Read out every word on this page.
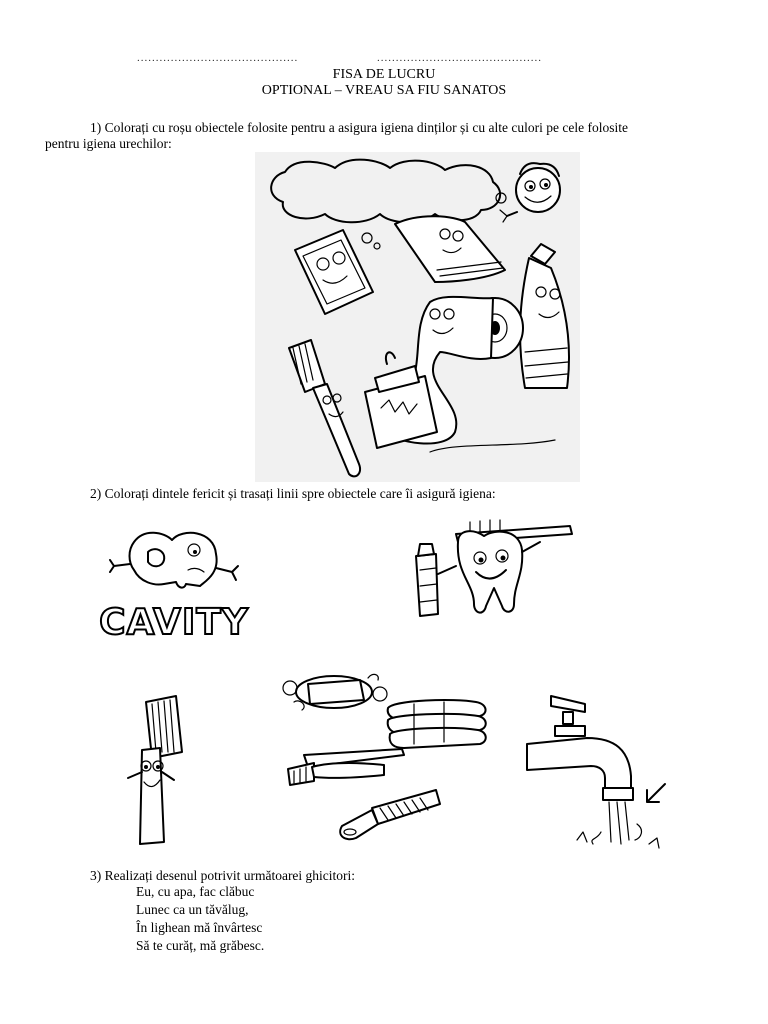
...........................................	............................................
FISA DE LUCRU
OPTIONAL – VREAU SA FIU SANATOS
1) Colorați cu roșu obiectele folosite pentru a asigura igiena dinților și cu alte culori pe cele folosite
pentru igiena urechilor:
2) Colorați dintele fericit și trasați linii spre obiectele care îi asigură igiena:
CAVITY
3) Realizați desenul potrivit următoarei ghicitori:
Eu, cu apa, fac clăbuc
Lunec ca un tăvălug,
În lighean mă învârtesc
Să te curăț, mă grăbesc.
